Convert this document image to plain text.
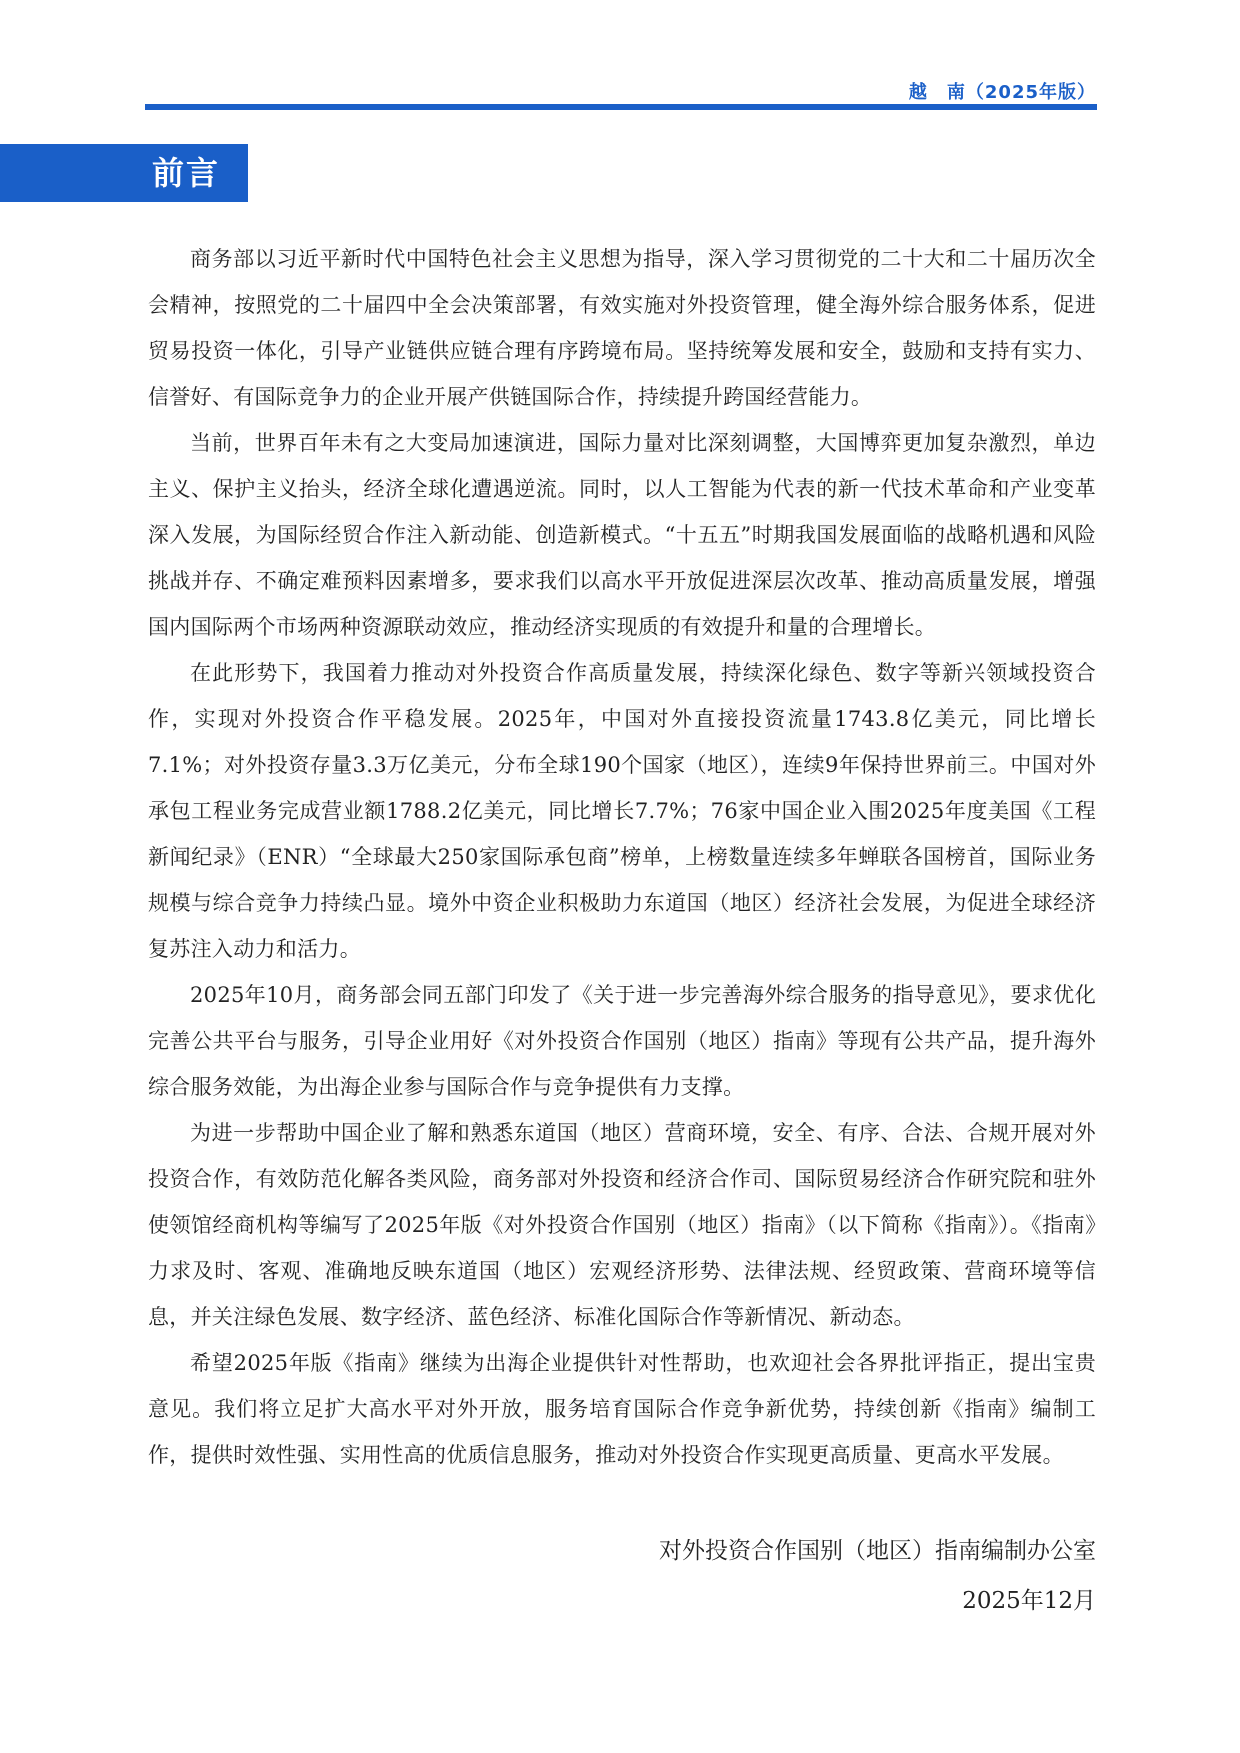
越　南（2025年版）
前言

商务部以习近平新时代中国特色社会主义思想为指导，深入学习贯彻党的二十大和二十届历次全会精神，按照党的二十届四中全会决策部署，有效实施对外投资管理，健全海外综合服务体系，促进贸易投资一体化，引导产业链供应链合理有序跨境布局。坚持统筹发展和安全，鼓励和支持有实力、信誉好、有国际竞争力的企业开展产供链国际合作，持续提升跨国经营能力。

当前，世界百年未有之大变局加速演进，国际力量对比深刻调整，大国博弈更加复杂激烈，单边主义、保护主义抬头，经济全球化遭遇逆流。同时，以人工智能为代表的新一代技术革命和产业变革深入发展，为国际经贸合作注入新动能、创造新模式。“十五五”时期我国发展面临的战略机遇和风险挑战并存、不确定难预料因素增多，要求我们以高水平开放促进深层次改革、推动高质量发展，增强国内国际两个市场两种资源联动效应，推动经济实现质的有效提升和量的合理增长。

在此形势下，我国着力推动对外投资合作高质量发展，持续深化绿色、数字等新兴领域投资合作，实现对外投资合作平稳发展。2025年，中国对外直接投资流量1743.8亿美元，同比增长7.1%；对外投资存量3.3万亿美元，分布全球190个国家（地区），连续9年保持世界前三。中国对外承包工程业务完成营业额1788.2亿美元，同比增长7.7%；76家中国企业入围2025年度美国《工程新闻纪录》（ENR）“全球最大250家国际承包商”榜单，上榜数量连续多年蝉联各国榜首，国际业务规模与综合竞争力持续凸显。境外中资企业积极助力东道国（地区）经济社会发展，为促进全球经济复苏注入动力和活力。

2025年10月，商务部会同五部门印发了《关于进一步完善海外综合服务的指导意见》，要求优化完善公共平台与服务，引导企业用好《对外投资合作国别（地区）指南》等现有公共产品，提升海外综合服务效能，为出海企业参与国际合作与竞争提供有力支撑。

为进一步帮助中国企业了解和熟悉东道国（地区）营商环境，安全、有序、合法、合规开展对外投资合作，有效防范化解各类风险，商务部对外投资和经济合作司、国际贸易经济合作研究院和驻外使领馆经商机构等编写了2025年版《对外投资合作国别（地区）指南》（以下简称《指南》）。《指南》力求及时、客观、准确地反映东道国（地区）宏观经济形势、法律法规、经贸政策、营商环境等信息，并关注绿色发展、数字经济、蓝色经济、标准化国际合作等新情况、新动态。

希望2025年版《指南》继续为出海企业提供针对性帮助，也欢迎社会各界批评指正，提出宝贵意见。我们将立足扩大高水平对外开放，服务培育国际合作竞争新优势，持续创新《指南》编制工作，提供时效性强、实用性高的优质信息服务，推动对外投资合作实现更高质量、更高水平发展。

对外投资合作国别（地区）指南编制办公室
2025年12月
